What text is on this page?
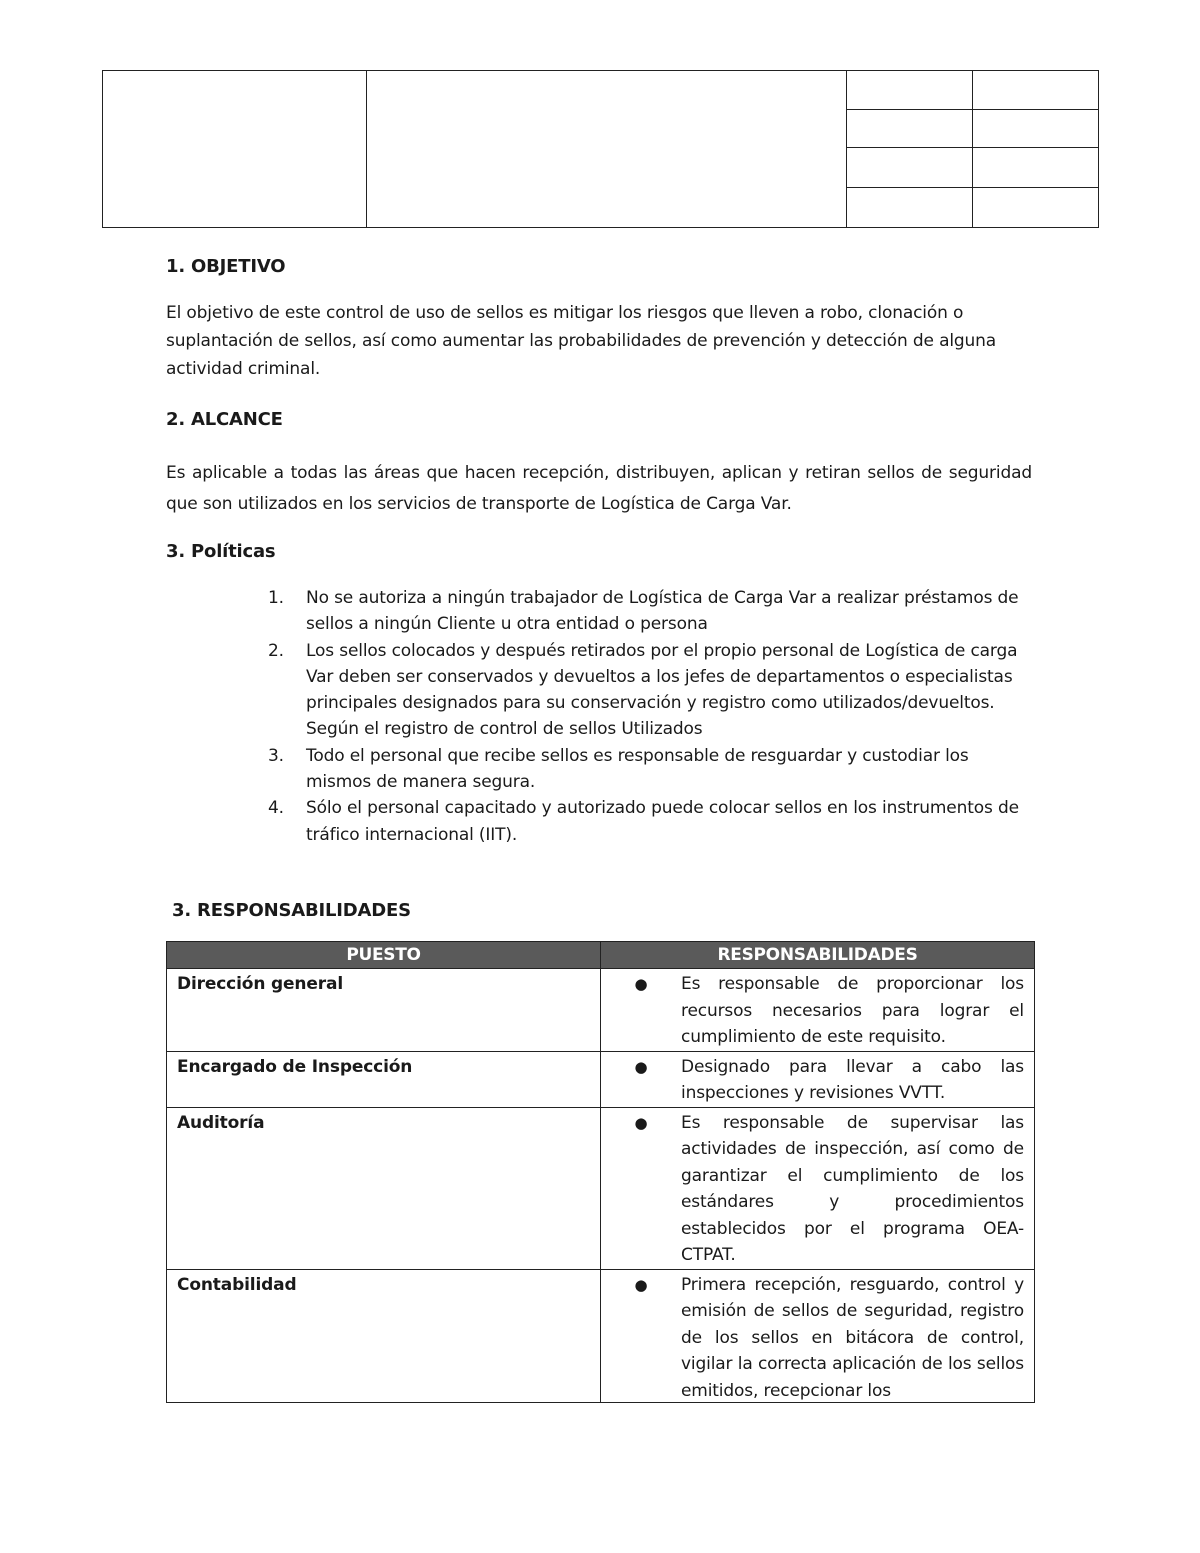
1. OBJETIVO

El objetivo de este control de uso de sellos es mitigar los riesgos que lleven a robo, clonación o suplantación de sellos, así como aumentar las probabilidades de prevención y detección de alguna actividad criminal.

2. ALCANCE

Es aplicable a todas las áreas que hacen recepción, distribuyen, aplican y retiran sellos de seguridad que son utilizados en los servicios de transporte de Logística de Carga Var.

3. Políticas
1. No se autoriza a ningún trabajador de Logística de Carga Var a realizar préstamos de sellos a ningún Cliente u otra entidad o persona
2. Los sellos colocados y después retirados por el propio personal de Logística de carga Var deben ser conservados y devueltos a los jefes de departamentos o especialistas principales designados para su conservación y registro como utilizados/devueltos. Según el registro de control de sellos Utilizados
3. Todo el personal que recibe sellos es responsable de resguardar y custodiar los mismos de manera segura.
4. Sólo el personal capacitado y autorizado puede colocar sellos en los instrumentos de tráfico internacional (IIT).
3. RESPONSABILIDADES
PUESTO	RESPONSABILIDADES
Dirección general	● Es responsable de proporcionar los recursos necesarios para lograr el cumplimiento de este requisito.

Encargado de Inspección	● Designado para llevar a cabo las inspecciones y revisiones VVTT.

Auditoría	● Es responsable de supervisar las actividades de inspección, así como de garantizar el cumplimiento de los estándares y procedimientos establecidos por el programa OEA-CTPAT.

Contabilidad	● Primera recepción, resguardo, control y emisión de sellos de seguridad, registro de los sellos en bitácora de control, vigilar la correcta aplicación de los sellos emitidos, recepcionar los
